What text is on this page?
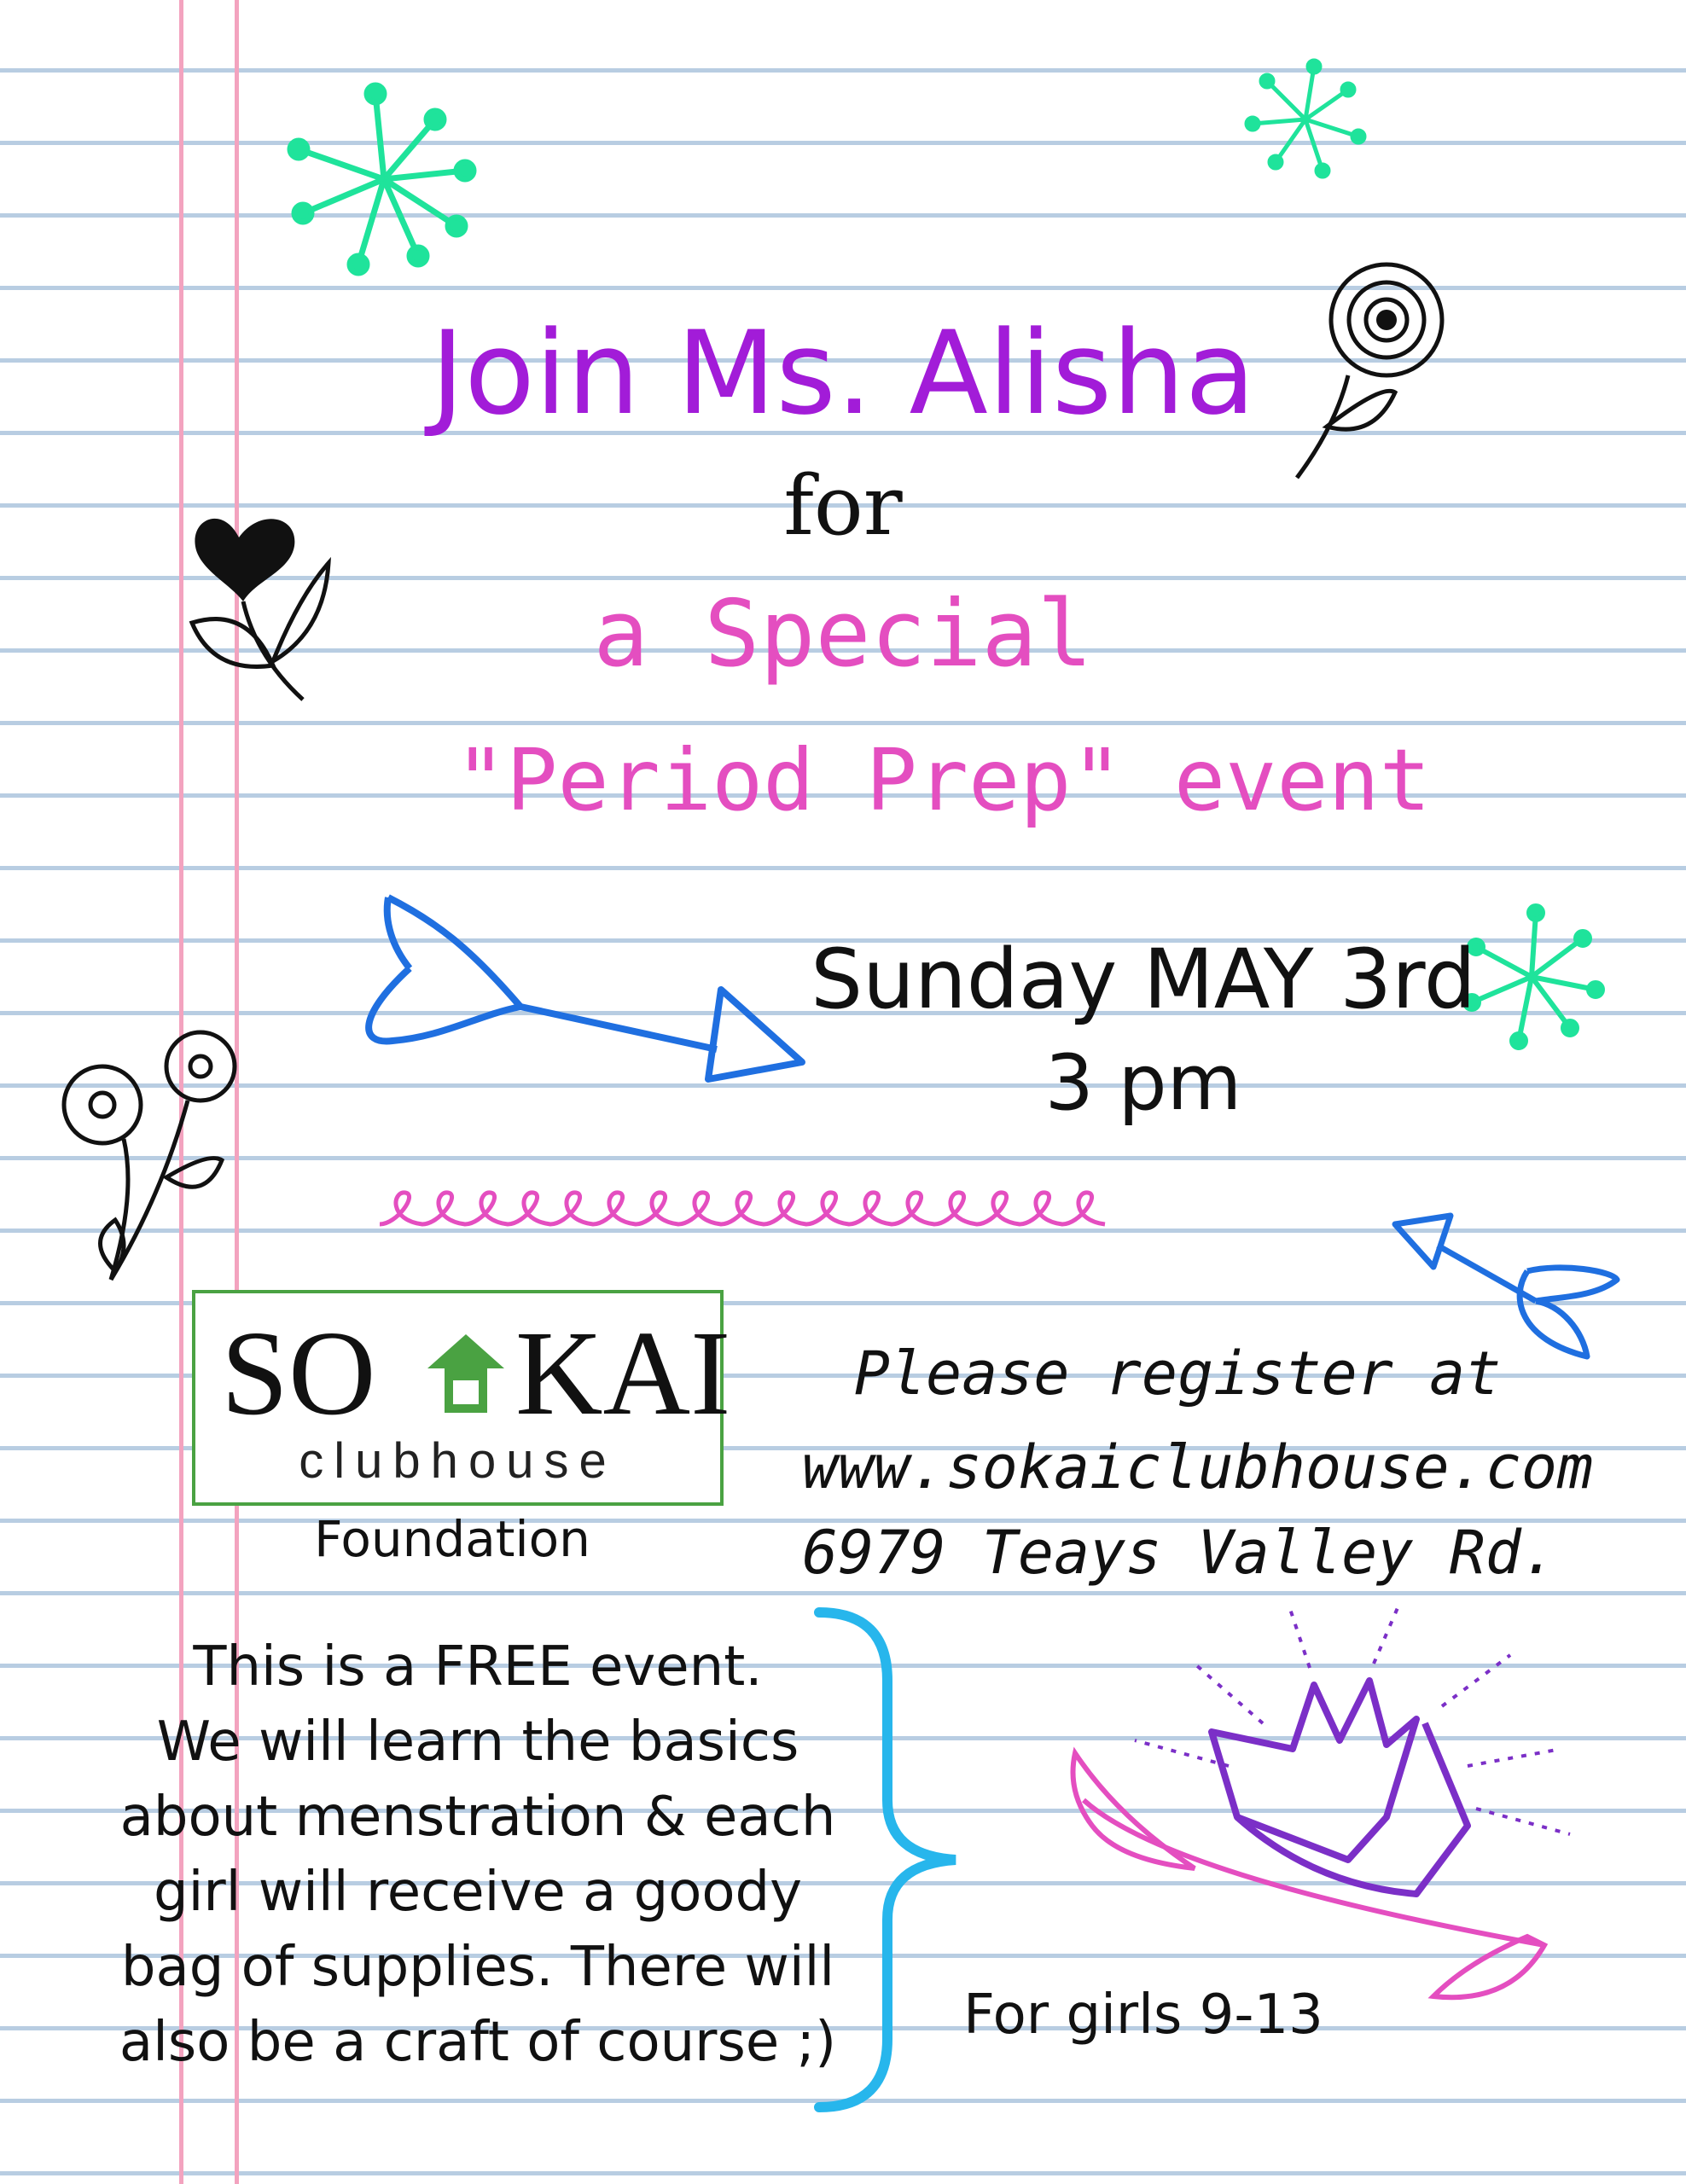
Join Ms. Alisha
for
a Special
"Period Prep" event
Sunday MAY 3rd
3 pm
SO KAI
clubhouse
Foundation
Please register at
www.sokaiclubhouse.com
6979 Teays Valley Rd.
This is a FREE event.
We will learn the basics
about menstration & each
girl will receive a goody
bag of supplies. There will
also be a craft of course ;)	For girls 9-13
